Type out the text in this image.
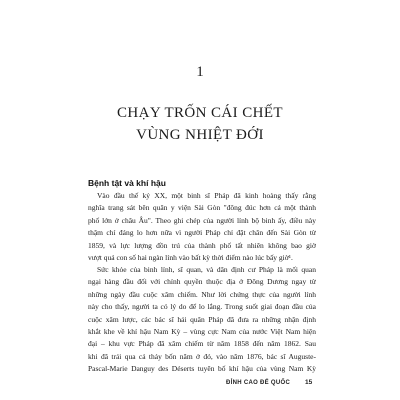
1
CHẠY TRỐN CÁI CHẾT
VÙNG NHIỆT ĐỚI
Bệnh tật và khí hậu
Vào đầu thế kỷ XX, một binh sĩ Pháp đã kinh hoàng thấy rằng
nghĩa trang sát bên quân y viện Sài Gòn "đông đúc hơn cả một thành
phố lớn ở châu Âu". Theo ghi chép của người lính bộ binh ấy, điều này
thậm chí đáng lo hơn nữa vì người Pháp chỉ đặt chân đến Sài Gòn từ
1859, và lực lượng đồn trú của thành phố tất nhiên không bao giờ
vượt quá con số hai ngàn lính vào bất kỳ thời điểm nào lúc bấy giờ¹.
Sức khỏe của binh lính, sĩ quan, và dân định cư Pháp là mối quan
ngại hàng đầu đối với chính quyền thuộc địa ở Đông Dương ngay từ
những ngày đầu cuộc xâm chiếm. Như lời chứng thực của người lính
này cho thấy, người ta có lý do để lo lắng. Trong suốt giai đoạn đầu của
cuộc xâm lược, các bác sĩ hải quân Pháp đã đưa ra những nhận định
khắt khe về khí hậu Nam Kỳ – vùng cực Nam của nước Việt Nam hiện
đại – khu vực Pháp đã xâm chiếm từ năm 1858 đến năm 1862. Sau
khi đã trải qua cả thảy bốn năm ở đó, vào năm 1876, bác sĩ Auguste-
Pascal-Marie Danguy des Déserts tuyên bố khí hậu của vùng Nam Kỳ
ĐỈNH CAO ĐẾ QUỐC 15
